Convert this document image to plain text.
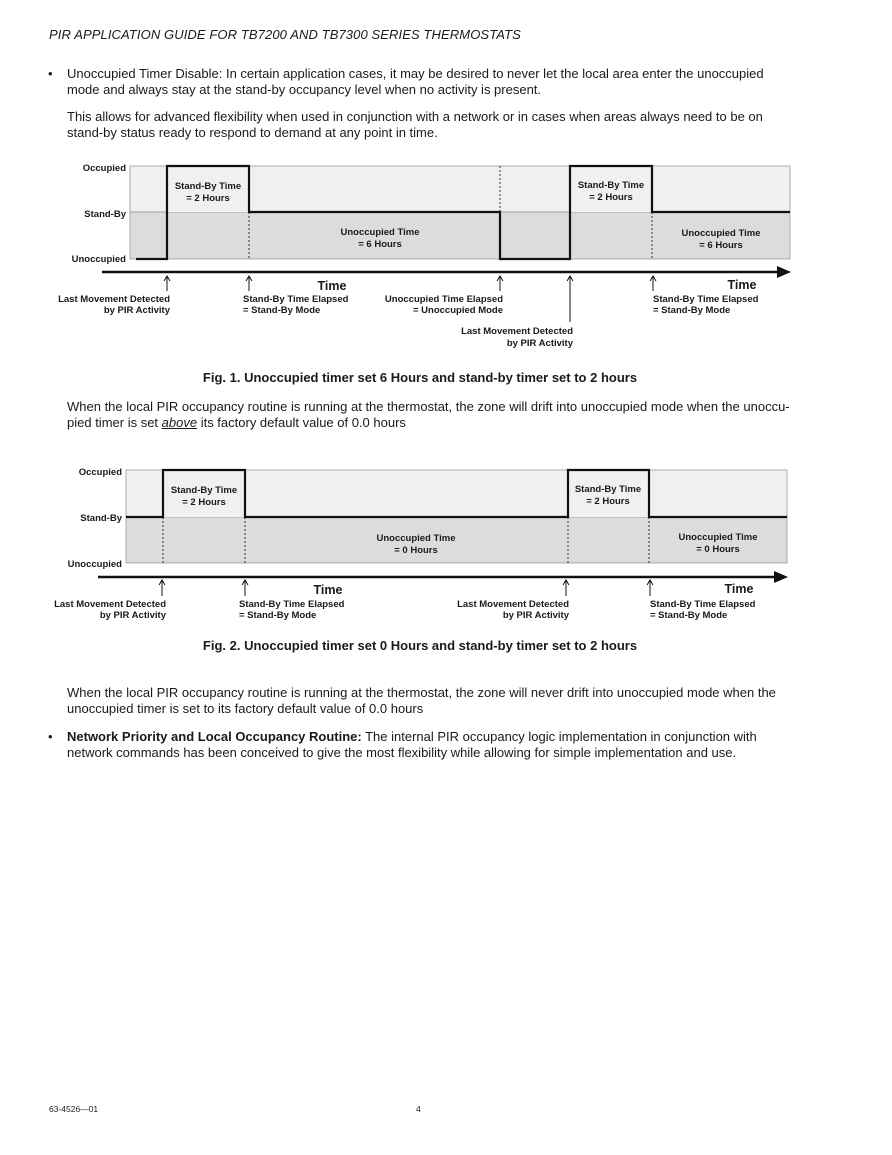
PIR APPLICATION GUIDE FOR TB7200 AND TB7300 SERIES THERMOSTATS
• Unoccupied Timer Disable: In certain application cases, it may be desired to never let the local area enter the unoccupied
mode and always stay at the stand-by occupancy level when no activity is present.
This allows for advanced flexibility when used in conjunction with a network or in cases when areas always need to be on
stand-by status ready to respond to demand at any point in time.
Occupied
Stand-By
Unoccupied
Stand-By Time
= 2 Hours
Stand-By Time
= 2 Hours
Unoccupied Time
= 6 Hours
Unoccupied Time
= 6 Hours
Time	Time
Last Movement Detected
by PIR Activity
Stand-By Time Elapsed
= Stand-By Mode
Unoccupied Time Elapsed
= Unoccupied Mode
Last Movement Detected
by PIR Activity
Stand-By Time Elapsed
= Stand-By Mode
Fig. 1. Unoccupied timer set 6 Hours and stand-by timer set to 2 hours
When the local PIR occupancy routine is running at the thermostat, the zone will drift into unoccupied mode when the unoccu-
pied timer is set above its factory default value of 0.0 hours
Occupied
Stand-By
Unoccupied
Stand-By Time
= 2 Hours
Stand-By Time
= 2 Hours
Unoccupied Time
= 0 Hours
Unoccupied Time
= 0 Hours
Time	Time
Last Movement Detected
by PIR Activity
Stand-By Time Elapsed
= Stand-By Mode
Last Movement Detected
by PIR Activity
Stand-By Time Elapsed
= Stand-By Mode
Fig. 2. Unoccupied timer set 0 Hours and stand-by timer set to 2 hours
When the local PIR occupancy routine is running at the thermostat, the zone will never drift into unoccupied mode when the
unoccupied timer is set to its factory default value of 0.0 hours
• Network Priority and Local Occupancy Routine: The internal PIR occupancy logic implementation in conjunction with
network commands has been conceived to give the most flexibility while allowing for simple implementation and use.
63-4526—01	4
